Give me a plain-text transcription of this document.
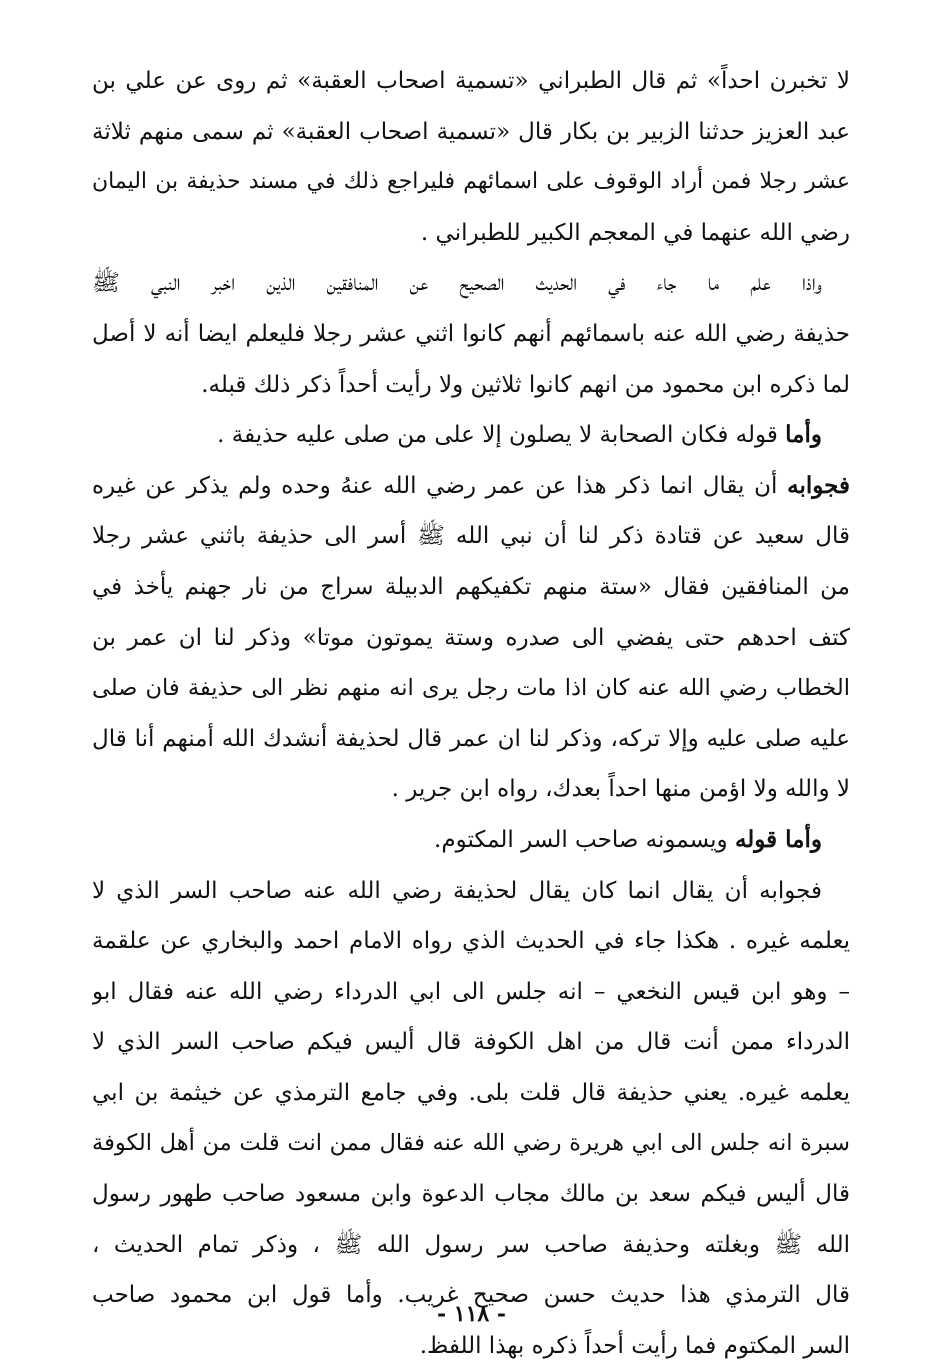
لا تخبرن احداً» ثم قال الطبراني «تسمية اصحاب العقبة» ثم روى عن علي بن
عبد العزيز حدثنا الزبير بن بكار قال «تسمية اصحاب العقبة» ثم سمى منهم ثلاثة
عشر رجلا فمن أراد الوقوف على اسمائهم فليراجع ذلك في مسند حذيفة بن اليمان
رضي الله عنهما في المعجم الكبير للطبراني .
واذا علم ما جاء في الحديث الصحيح عن المنافقين الذين اخبر النبي ﷺ
حذيفة رضي الله عنه باسمائهم أنهم كانوا اثني عشر رجلا فليعلم ايضا أنه لا أصل
لما ذكره ابن محمود من انهم كانوا ثلاثين ولا رأيت أحداً ذكر ذلك قبله.
وأما قوله فكان الصحابة لا يصلون إلا على من صلى عليه حذيفة .
فجوابه أن يقال انما ذكر هذا عن عمر رضي الله عنهُ وحده ولم يذكر عن غيره
قال سعيد عن قتادة ذكر لنا أن نبي الله ﷺ أسر الى حذيفة باثني عشر رجلا
من المنافقين فقال «ستة منهم تكفيكهم الدبيلة سراج من نار جهنم يأخذ في
كتف احدهم حتى يفضي الى صدره وستة يموتون موتا» وذكر لنا ان عمر بن
الخطاب رضي الله عنه كان اذا مات رجل يرى انه منهم نظر الى حذيفة فان صلى
عليه صلى عليه وإلا تركه، وذكر لنا ان عمر قال لحذيفة أنشدك الله أمنهم أنا قال
لا والله ولا اؤمن منها احداً بعدك، رواه ابن جرير .
وأما قوله ويسمونه صاحب السر المكتوم.
فجوابه أن يقال انما كان يقال لحذيفة رضي الله عنه صاحب السر الذي لا
يعلمه غيره . هكذا جاء في الحديث الذي رواه الامام احمد والبخاري عن علقمة
– وهو ابن قيس النخعي – انه جلس الى ابي الدرداء رضي الله عنه فقال ابو
الدرداء ممن أنت قال من اهل الكوفة قال أليس فيكم صاحب السر الذي لا
يعلمه غيره. يعني حذيفة قال قلت بلى. وفي جامع الترمذي عن خيثمة بن ابي
سبرة انه جلس الى ابي هريرة رضي الله عنه فقال ممن انت قلت من أهل الكوفة
قال أليس فيكم سعد بن مالك مجاب الدعوة وابن مسعود صاحب طهور رسول
الله ﷺ وبغلته وحذيفة صاحب سر رسول الله ﷺ ، وذكر تمام الحديث ،
قال الترمذي هذا حديث حسن صحيح غريب. وأما قول ابن محمود صاحب
السر المكتوم فما رأيت أحداً ذكره بهذا اللفظ.
- ١١٨ -
